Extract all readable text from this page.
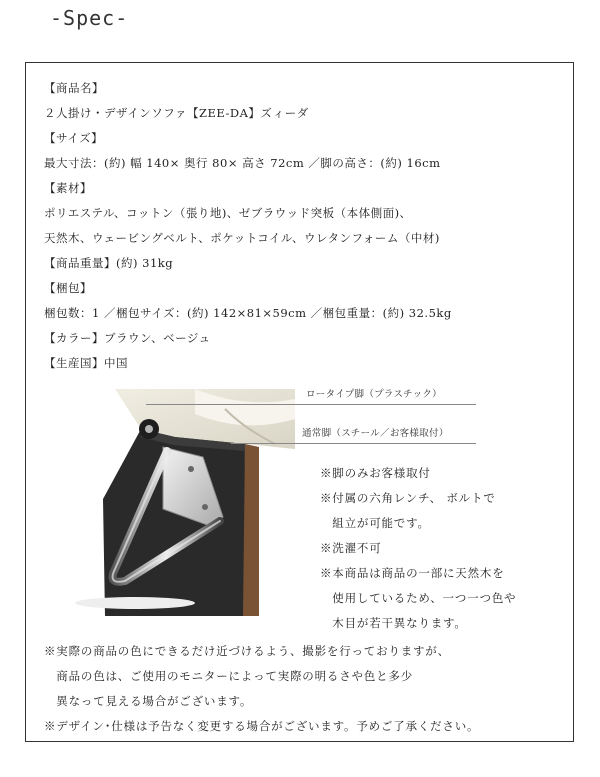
-Spec-
【商品名】
２人掛け・デザインソファ【ZEE-DA】ズィーダ
【サイズ】
最大寸法：(約) 幅 140× 奥行 80× 高さ 72cm ／脚の高さ：(約) 16cm
【素材】
ポリエステル、コットン（張り地)、ゼブラウッド突板（本体側面)、
天然木、ウェービングベルト、ポケットコイル、ウレタンフォーム（中材)
【商品重量】(約) 31kg
【梱包】
梱包数：1 ／梱包サイズ：(約) 142×81×59cm ／梱包重量：(約) 32.5kg
【カラー】ブラウン、ベージュ
【生産国】中国
ロータイプ脚（プラスチック）
通常脚（スチール／お客様取付）
※脚のみお客様取付
※付属の六角レンチ、 ボルトで
　組立が可能です。
※洗濯不可
※本商品は商品の一部に天然木を
　使用しているため、一つ一つ色や
　木目が若干異なります。
※実際の商品の色にできるだけ近づけるよう、撮影を行っておりますが、
　商品の色は、ご使用のモニターによって実際の明るさや色と多少
　異なって見える場合がございます。
※デザイン･仕様は予告なく変更する場合がございます。予めご了承ください。
